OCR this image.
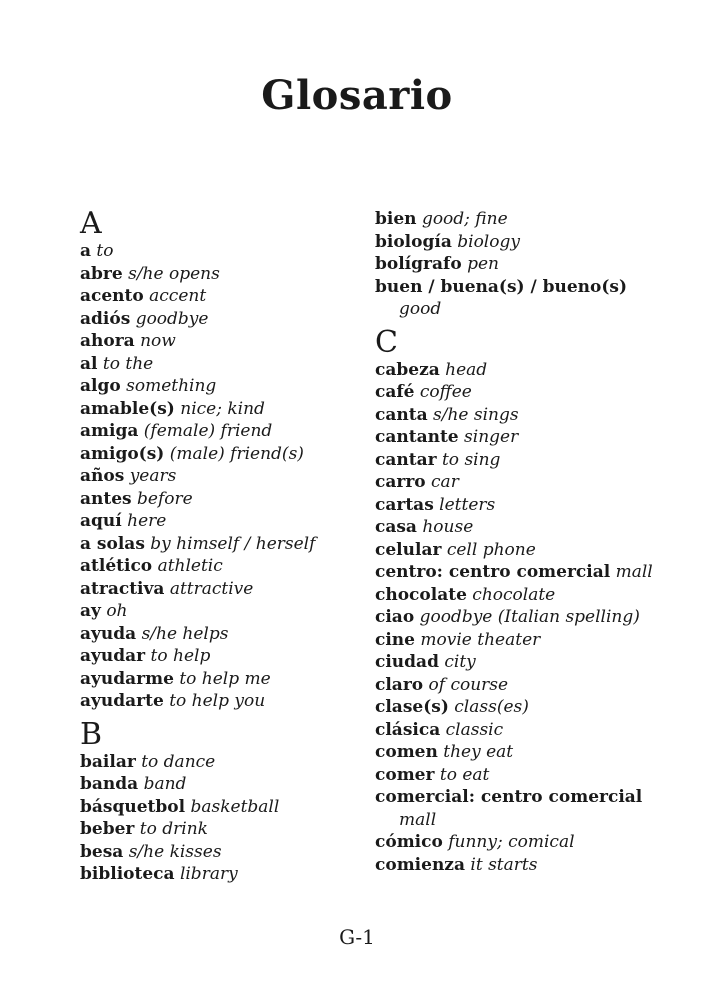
Glosario
A
a to
abre s/he opens
acento accent
adiós goodbye
ahora now
al to the
algo something
amable(s) nice; kind
amiga (female) friend
amigo(s) (male) friend(s)
años years
antes before
aquí here
a solas by himself / herself
atlético athletic
atractiva attractive
ay oh
ayuda s/he helps
ayudar to help
ayudarme to help me
ayudarte to help you
B
bailar to dance
banda band
básquetbol basketball
beber to drink
besa s/he kisses
biblioteca library
bien good; fine
biología biology
bolígrafo pen
buen / buena(s) / bueno(s)
good
C
cabeza head
café coffee
canta s/he sings
cantante singer
cantar to sing
carro car
cartas letters
casa house
celular cell phone
centro: centro comercial mall
chocolate chocolate
ciao goodbye (Italian spelling)
cine movie theater
ciudad city
claro of course
clase(s) class(es)
clásica classic
comen they eat
comer to eat
comercial: centro comercial
mall
cómico funny; comical
comienza it starts

G-1
